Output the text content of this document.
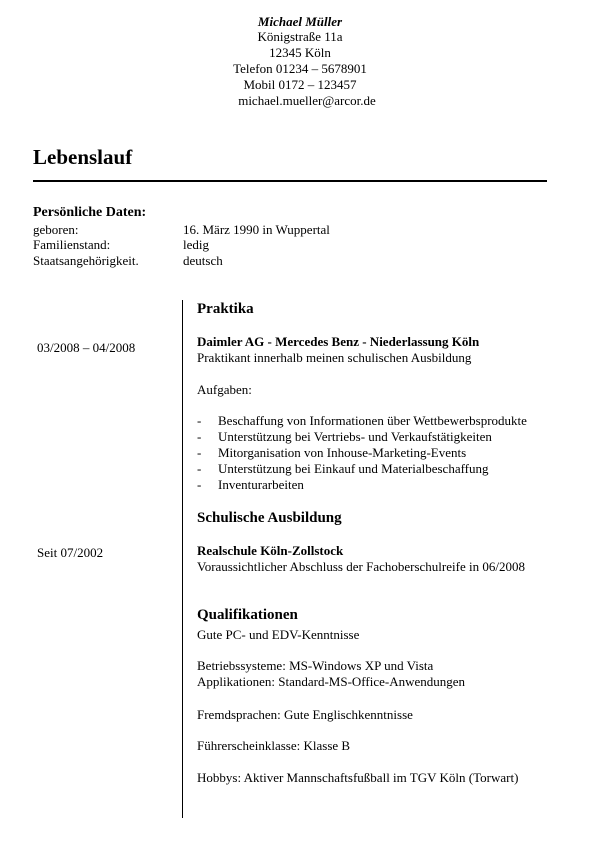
Michael Müller
Königstraße 11a
12345 Köln
Telefon 01234 – 5678901
Mobil 0172 – 123457
michael.mueller@arcor.de
Lebenslauf
Persönliche Daten:
geboren:	16. März 1990 in Wuppertal
Familienstand:	ledig
Staatsangehörigkeit.	deutsch
Praktika
03/2008 – 04/2008	Daimler AG - Mercedes Benz - Niederlassung Köln
Praktikant innerhalb meinen schulischen Ausbildung
Aufgaben:
- Beschaffung von Informationen über Wettbewerbsprodukte
- Unterstützung bei Vertriebs- und Verkaufstätigkeiten
- Mitorganisation von Inhouse-Marketing-Events
- Unterstützung bei Einkauf und Materialbeschaffung
- Inventurarbeiten
Schulische Ausbildung
Seit 07/2002	Realschule Köln-Zollstock
Voraussichtlicher Abschluss der Fachoberschulreife in 06/2008
Qualifikationen
Gute PC- und EDV-Kenntnisse
Betriebssysteme: MS-Windows XP und Vista
Applikationen: Standard-MS-Office-Anwendungen
Fremdsprachen: Gute Englischkenntnisse
Führerscheinklasse: Klasse B
Hobbys: Aktiver Mannschaftsfußball im TGV Köln (Torwart)
